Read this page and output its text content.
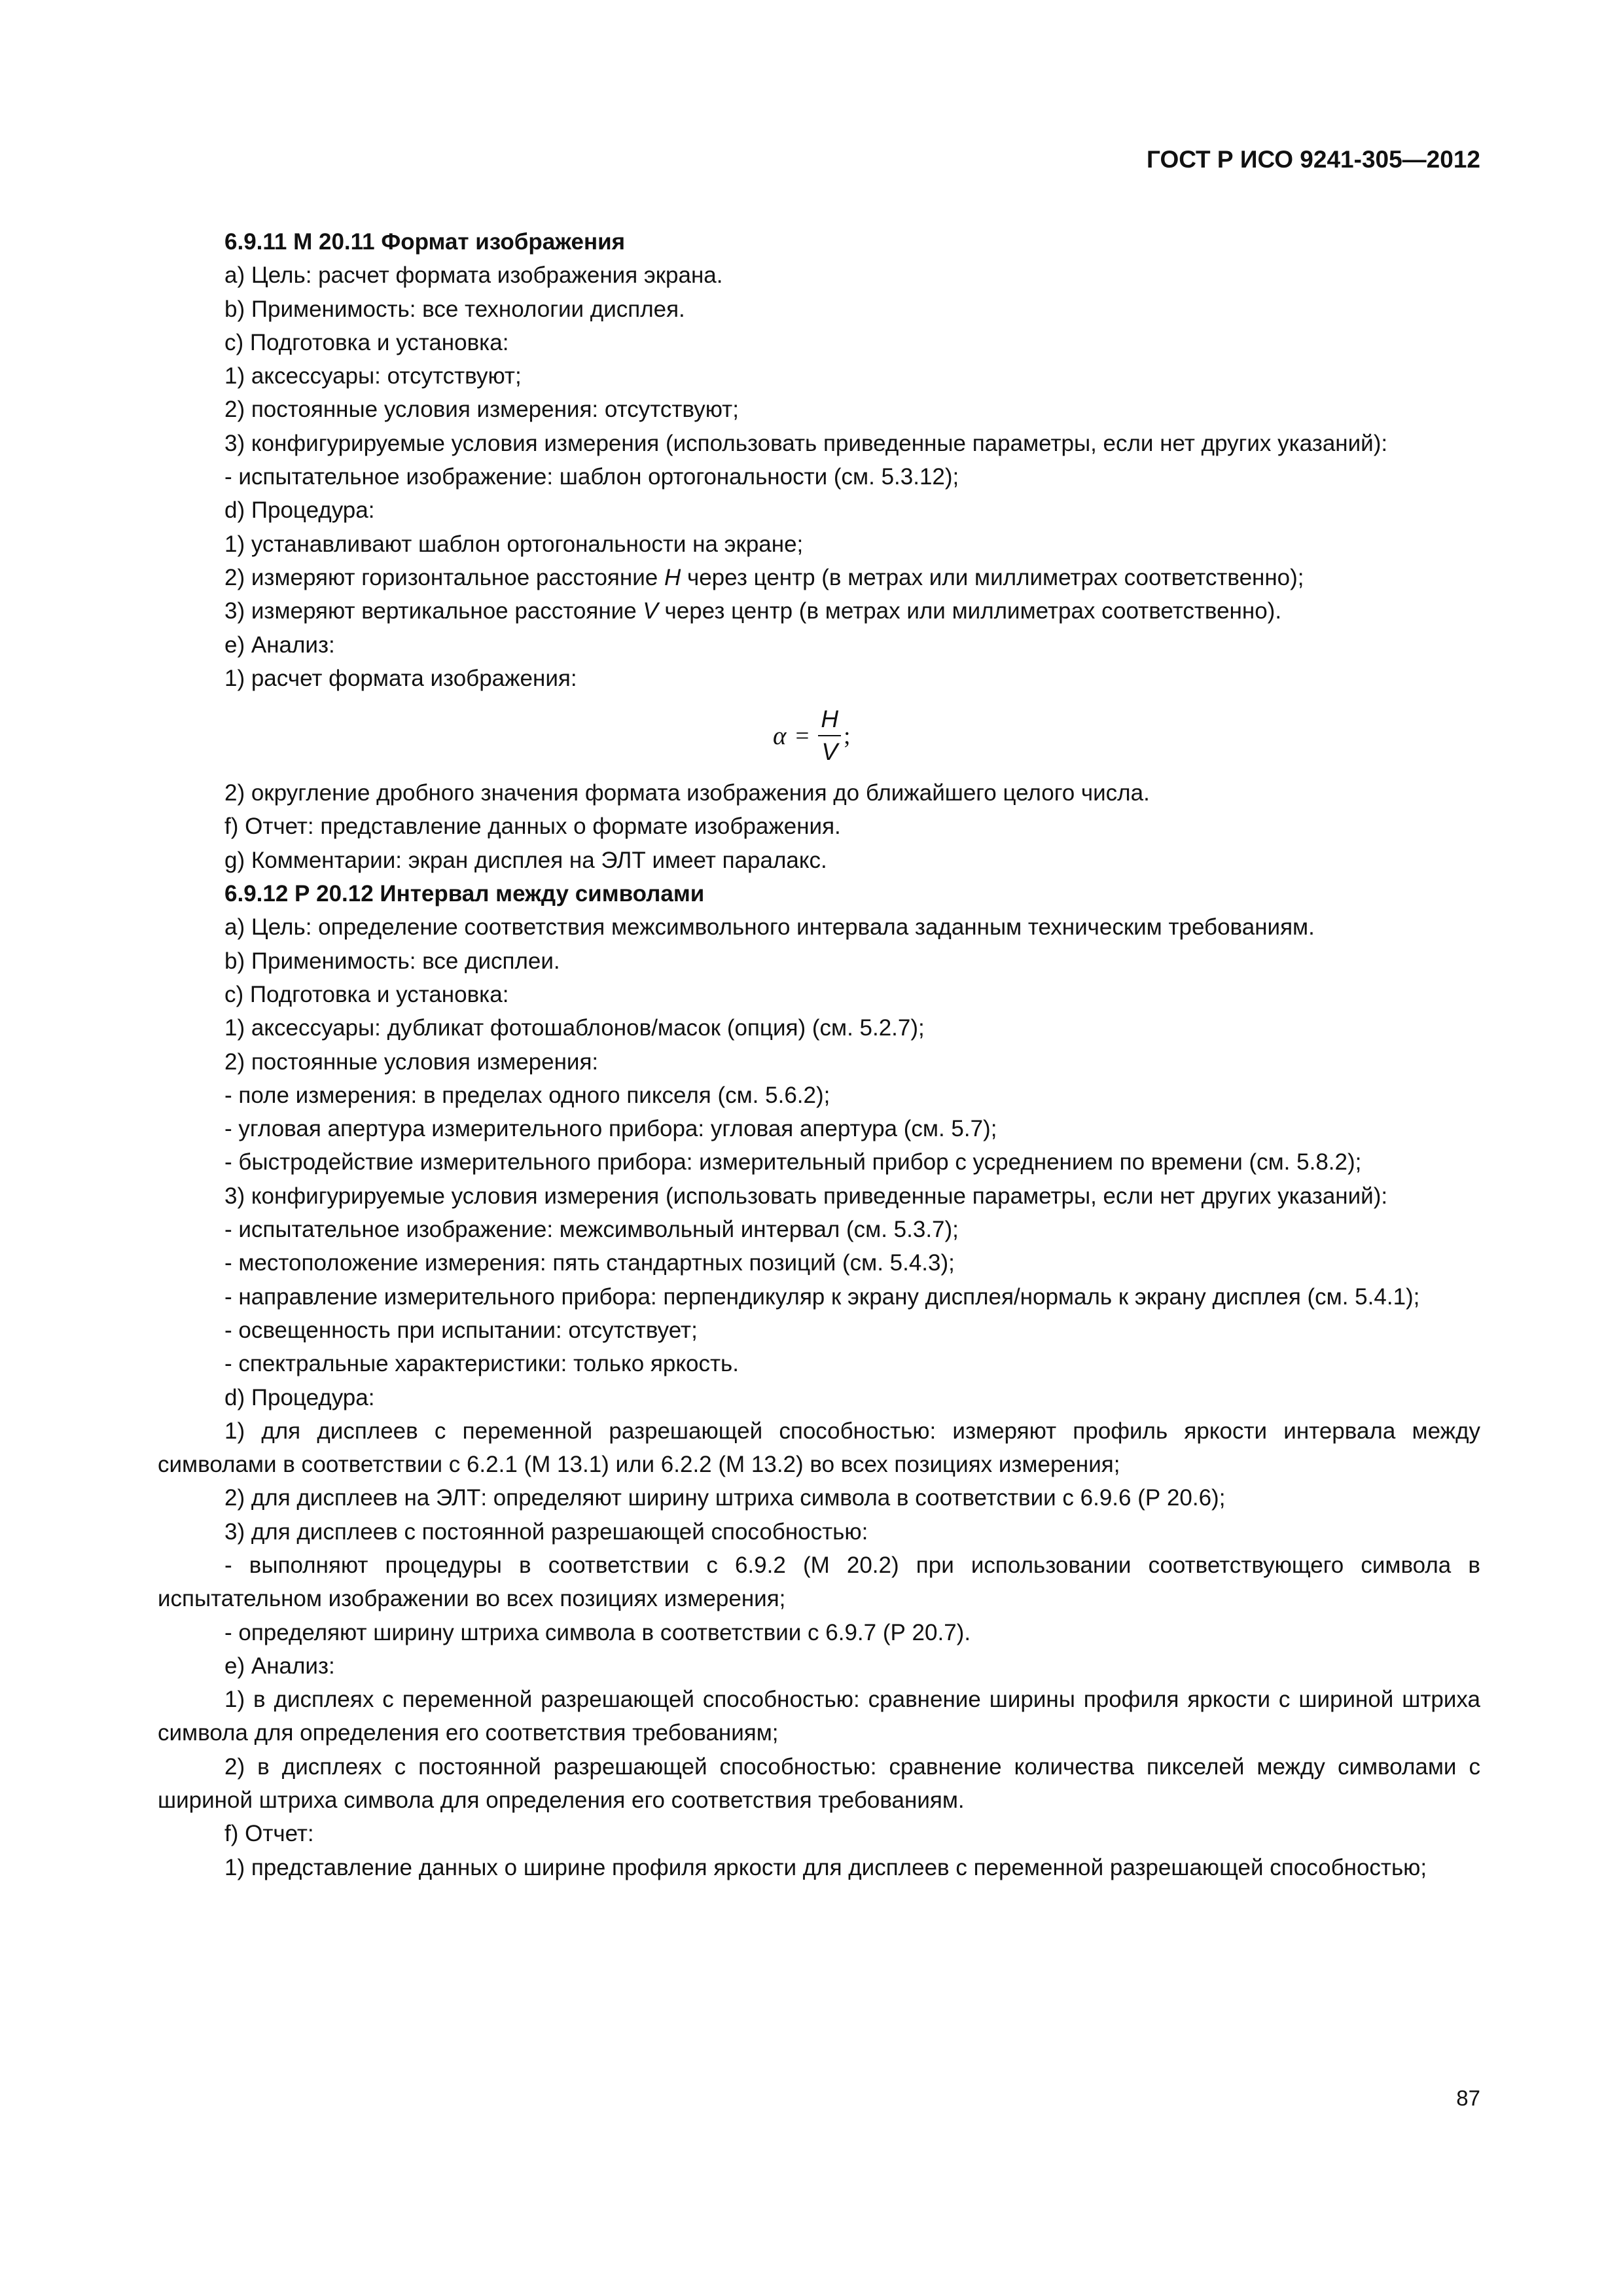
ГОСТ Р ИСО 9241-305—2012

6.9.11 М 20.11 Формат изображения

a) Цель: расчет формата изображения экрана.

b) Применимость: все технологии дисплея.

c) Подготовка и установка:

1) аксессуары: отсутствуют;

2) постоянные условия измерения: отсутствуют;

3) конфигурируемые условия измерения (использовать приведенные параметры, если нет других указаний):

- испытательное изображение: шаблон ортогональности (см. 5.3.12);

d) Процедура:

1) устанавливают шаблон ортогональности на экране;

2) измеряют горизонтальное расстояние H через центр (в метрах или миллиметрах соответственно);

3) измеряют вертикальное расстояние V через центр (в метрах или миллиметрах соответственно).

e) Анализ:

1) расчет формата изображения:

$\alpha = \frac{H}{V}$ ;

2) округление дробного значения формата изображения до ближайшего целого числа.

f) Отчет: представление данных о формате изображения.

g) Комментарии: экран дисплея на ЭЛТ имеет паралакс.

6.9.12 Р 20.12 Интервал между символами

a) Цель: определение соответствия межсимвольного интервала заданным техническим требованиям.

b) Применимость: все дисплеи.

c) Подготовка и установка:

1) аксессуары: дубликат фотошаблонов/масок (опция) (см. 5.2.7);

2) постоянные условия измерения:

- поле измерения: в пределах одного пикселя (см. 5.6.2);

- угловая апертура измерительного прибора: угловая апертура (см. 5.7);

- быстродействие измерительного прибора: измерительный прибор с усреднением по времени (см. 5.8.2);

3) конфигурируемые условия измерения (использовать приведенные параметры, если нет других указаний):

- испытательное изображение: межсимвольный интервал (см. 5.3.7);

- местоположение измерения: пять стандартных позиций (см. 5.4.3);

- направление измерительного прибора: перпендикуляр к экрану дисплея/нормаль к экрану дисплея (см. 5.4.1);

- освещенность при испытании: отсутствует;

- спектральные характеристики: только яркость.

d) Процедура:

1) для дисплеев с переменной разрешающей способностью: измеряют профиль яркости интервала между символами в соответствии с 6.2.1 (М 13.1) или 6.2.2 (М 13.2) во всех позициях измерения;

2) для дисплеев на ЭЛТ: определяют ширину штриха символа в соответствии с 6.9.6 (Р 20.6);

3) для дисплеев с постоянной разрешающей способностью:

- выполняют процедуры в соответствии с 6.9.2 (М 20.2) при использовании соответствующего символа в испытательном изображении во всех позициях измерения;

- определяют ширину штриха символа в соответствии с 6.9.7 (Р 20.7).

e) Анализ:

1) в дисплеях с переменной разрешающей способностью: сравнение ширины профиля яркости с шириной штриха символа для определения его соответствия требованиям;

2) в дисплеях с постоянной разрешающей способностью: сравнение количества пикселей между символами с шириной штриха символа для определения его соответствия требованиям.

f) Отчет:

1) представление данных о ширине профиля яркости для дисплеев с переменной разрешающей способностью;

87
